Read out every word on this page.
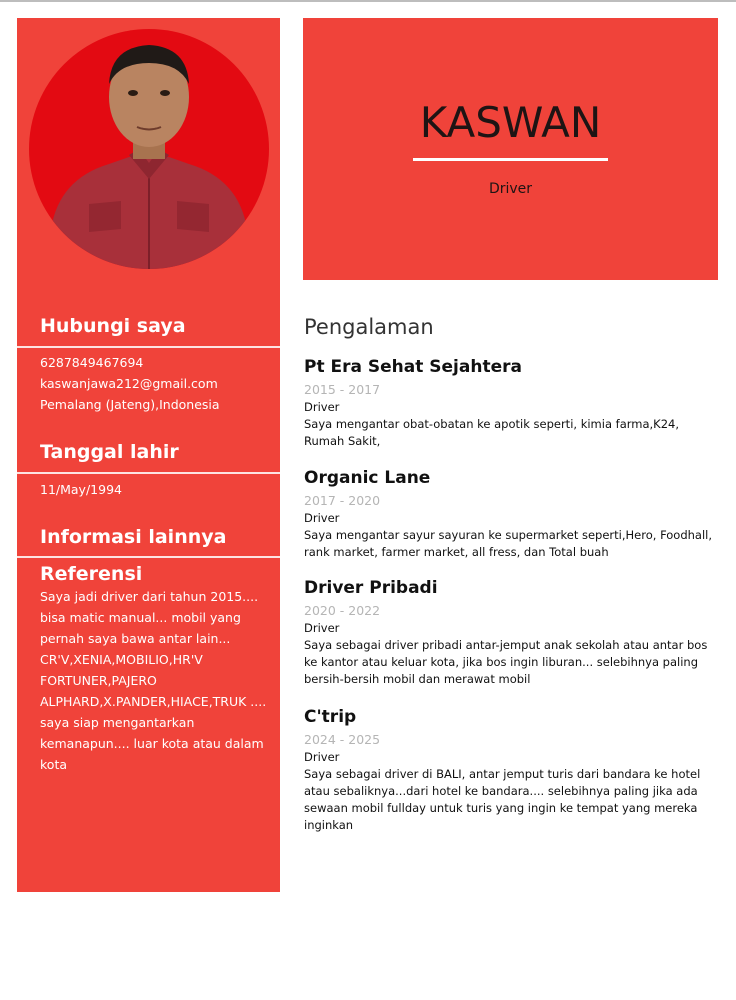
Hubungi saya
6287849467694
kaswanjawa212@gmail.com
Pemalang (Jateng),Indonesia
Tanggal lahir
11/May/1994
Informasi lainnya
Referensi
Saya jadi driver dari tahun 2015.... bisa matic manual... mobil yang pernah saya bawa antar lain... CR'V,XENIA,MOBILIO,HR'V FORTUNER,PAJERO ALPHARD,X.PANDER,HIACE,TRUK .... saya siap mengantarkan kemanapun.... luar kota atau dalam kota
KASWAN
Driver
Pengalaman
Pt Era Sehat Sejahtera
2015 - 2017
Driver
Saya mengantar obat-obatan ke apotik seperti, kimia farma,K24, Rumah Sakit,
Organic Lane
2017 - 2020
Driver
Saya mengantar sayur sayuran ke supermarket seperti,Hero, Foodhall, rank market, farmer market, all fress, dan Total buah
Driver Pribadi
2020 - 2022
Driver
Saya sebagai driver pribadi antar-jemput anak sekolah atau antar bos ke kantor atau keluar kota, jika bos ingin liburan... selebihnya paling bersih-bersih mobil dan merawat mobil
C'trip
2024 - 2025
Driver
Saya sebagai driver di BALI, antar jemput turis dari bandara ke hotel atau sebaliknya...dari hotel ke bandara.... selebihnya paling jika ada sewaan mobil fullday untuk turis yang ingin ke tempat yang mereka inginkan
